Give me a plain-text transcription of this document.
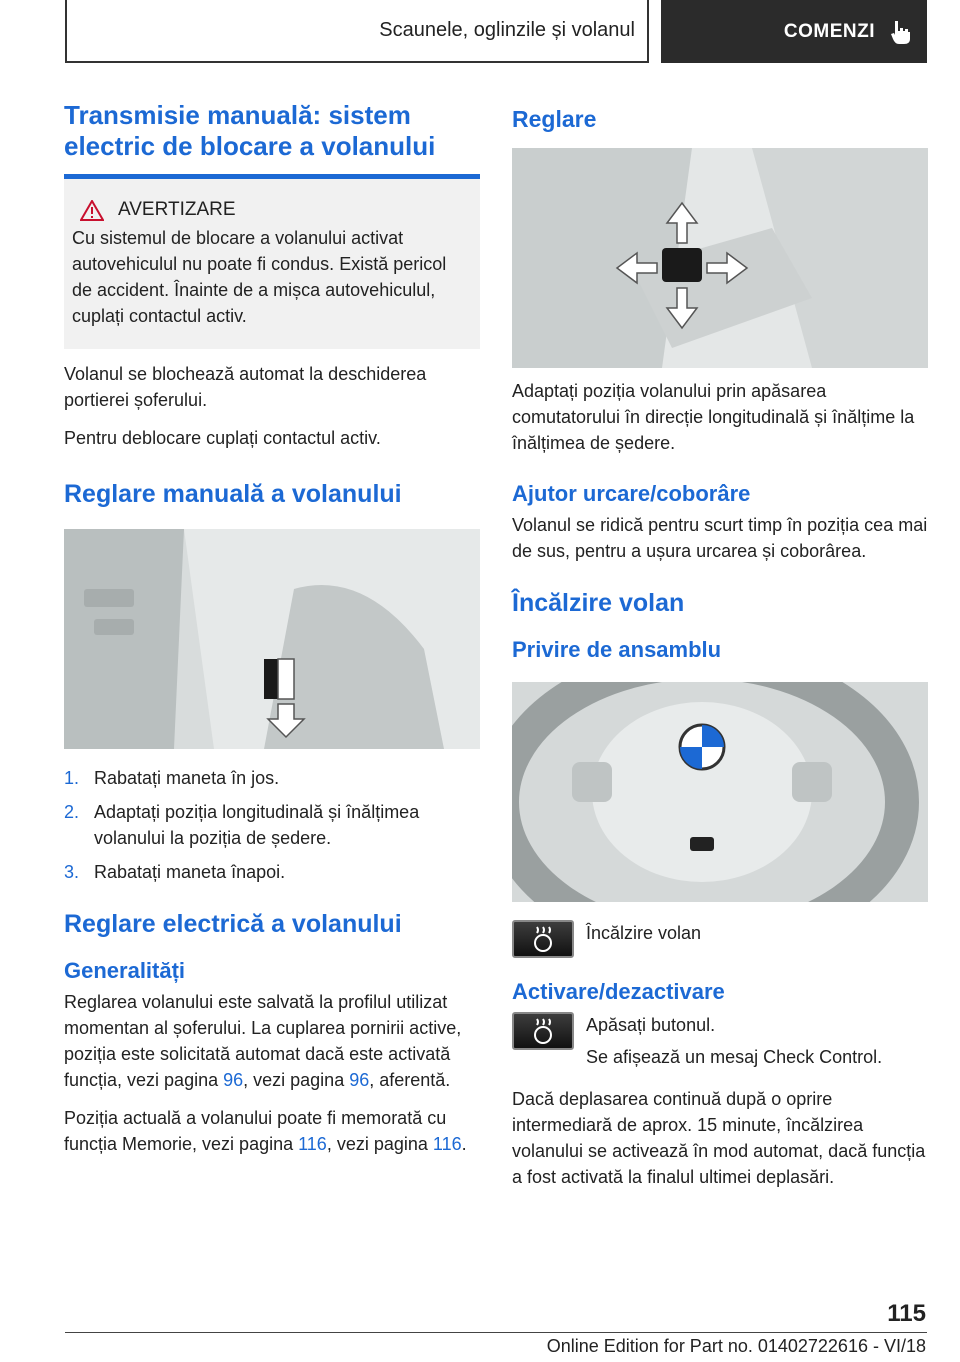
Scaunele, oglinzile și volanul	COMENZI
Transmisie manuală: sistem electric de blocare a volanului
AVERTIZARE
Cu sistemul de blocare a volanului activat autovehiculul nu poate fi condus. Există pericol de accident. Înainte de a mișca autovehiculul, cuplați contactul activ.

Volanul se blochează automat la deschiderea portierei șoferului.

Pentru deblocare cuplați contactul activ.

Reglare manuală a volanului
1. Rabatați maneta în jos.
2. Adaptați poziția longitudinală și înălțimea volanului la poziția de ședere.
3. Rabatați maneta înapoi.
Reglare electrică a volanului
Generalități

Reglarea volanului este salvată la profilul utilizat momentan al șoferului. La cuplarea pornirii active, poziția este solicitată automat dacă este activată funcția, vezi pagina 96, vezi pagina 96, aferentă.

Poziția actuală a volanului poate fi memorată cu funcția Memorie, vezi pagina 116, vezi pagina 116.

Reglare

Adaptați poziția volanului prin apăsarea comutatorului în direcție longitudinală și înălțime la înălțimea de ședere.

Ajutor urcare/coborâre

Volanul se ridică pentru scurt timp în poziția cea mai de sus, pentru a ușura urcarea și coborârea.

Încălzire volan
Privire de ansamblu
Încălzire volan
Activare/dezactivare

Apăsați butonul.

Se afișează un mesaj Check Control.

Dacă deplasarea continuă după o oprire intermediară de aprox. 15 minute, încălzirea volanului se activează în mod automat, dacă funcția a fost activată la finalul ultimei deplasări.

115
Online Edition for Part no. 01402722616 - VI/18
